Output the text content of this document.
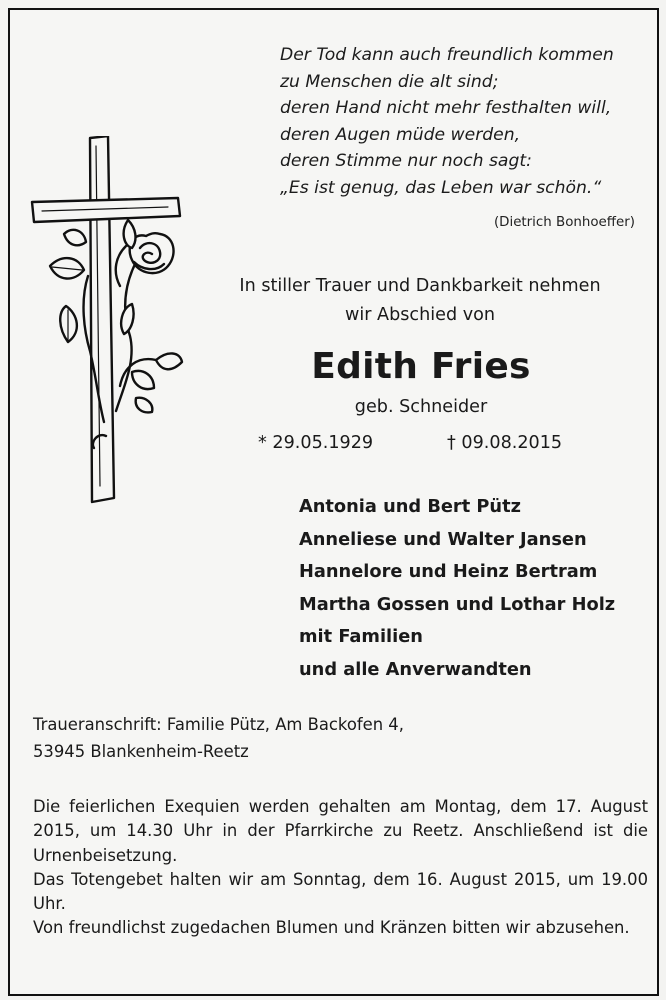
Der Tod kann auch freundlich kommen
zu Menschen die alt sind;
deren Hand nicht mehr festhalten will,
deren Augen müde werden,
deren Stimme nur noch sagt:
„Es ist genug, das Leben war schön.“
(Dietrich Bonhoeffer)
In stiller Trauer und Dankbarkeit nehmen
wir Abschied von
Edith Fries
geb. Schneider
* 29.05.1929	† 09.08.2015
Antonia und Bert Pütz
Anneliese und Walter Jansen
Hannelore und Heinz Bertram
Martha Gossen und Lothar Holz
mit Familien
und alle Anverwandten
Traueranschrift: Familie Pütz, Am Backofen 4,
53945 Blankenheim-Reetz

Die feierlichen Exequien werden gehalten am Montag, dem 17. August 2015, um 14.30 Uhr in der Pfarrkirche zu Reetz. Anschließend ist die Urnenbeisetzung.

Das Totengebet halten wir am Sonntag, dem 16. August 2015, um 19.00 Uhr.

Von freundlichst zugedachen Blumen und Kränzen bitten wir abzusehen.
